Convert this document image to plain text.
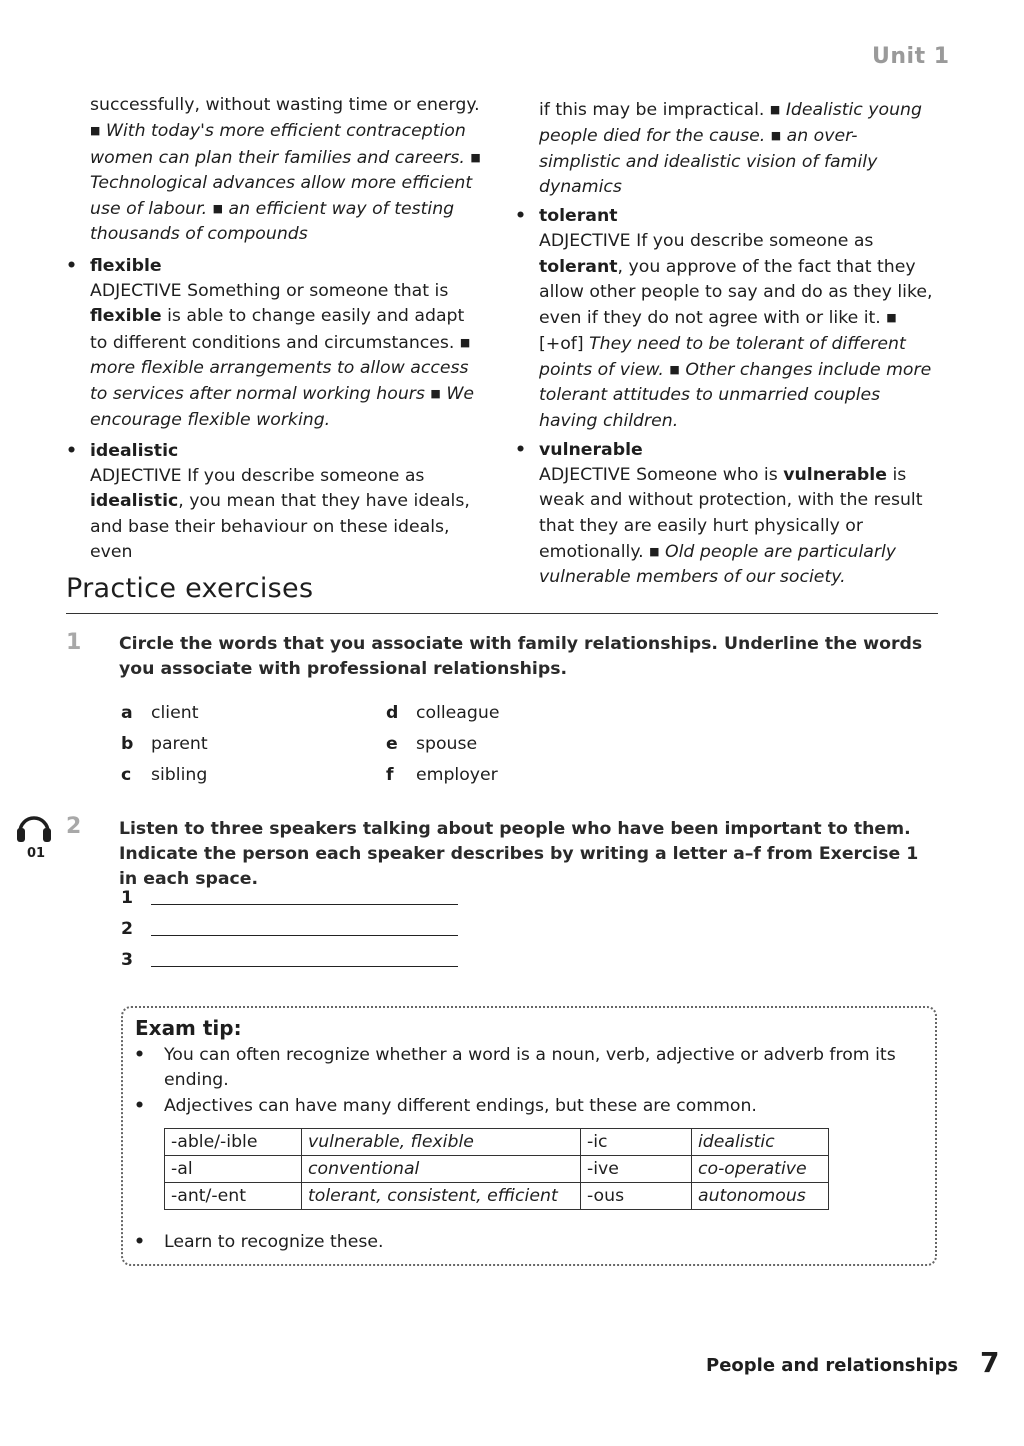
Unit 1

successfully, without wasting time or energy. ■ With today's more efficient contraception women can plan their families and careers. ■ Technological advances allow more efficient use of labour. ■ an efficient way of testing thousands of compounds

• flexible

ADJECTIVE Something or someone that is flexible is able to change easily and adapt to different conditions and circumstances. ■ more flexible arrangements to allow access to services after normal working hours ■ We encourage flexible working.

• idealistic

ADJECTIVE If you describe someone as idealistic, you mean that they have ideals, and base their behaviour on these ideals, even

if this may be impractical. ■ Idealistic young people died for the cause. ■ an over-simplistic and idealistic vision of family dynamics

• tolerant

ADJECTIVE If you describe someone as tolerant, you approve of the fact that they allow other people to say and do as they like, even if they do not agree with or like it. ■ [+of] They need to be tolerant of different points of view. ■ Other changes include more tolerant attitudes to unmarried couples having children.

• vulnerable

ADJECTIVE Someone who is vulnerable is weak and without protection, with the result that they are easily hurt physically or emotionally. ■ Old people are particularly vulnerable members of our society.

Practice exercises
1 Circle the words that you associate with family relationships. Underline the words you associate with professional relationships.
a client
b parent
c sibling
d colleague
e spouse
f employer
01
2 Listen to three speakers talking about people who have been important to them. Indicate the person each speaker describes by writing a letter a–f from Exercise 1 in each space.
1
2
3
Exam tip:
• You can often recognize whether a word is a noun, verb, adjective or adverb from its ending.
• Adjectives can have many different endings, but these are common.
-able/-ible	vulnerable, flexible	-ic	idealistic
-al	conventional	-ive	co-operative
-ant/-ent	tolerant, consistent, efficient	-ous	autonomous
• Learn to recognize these.
People and relationships 7
